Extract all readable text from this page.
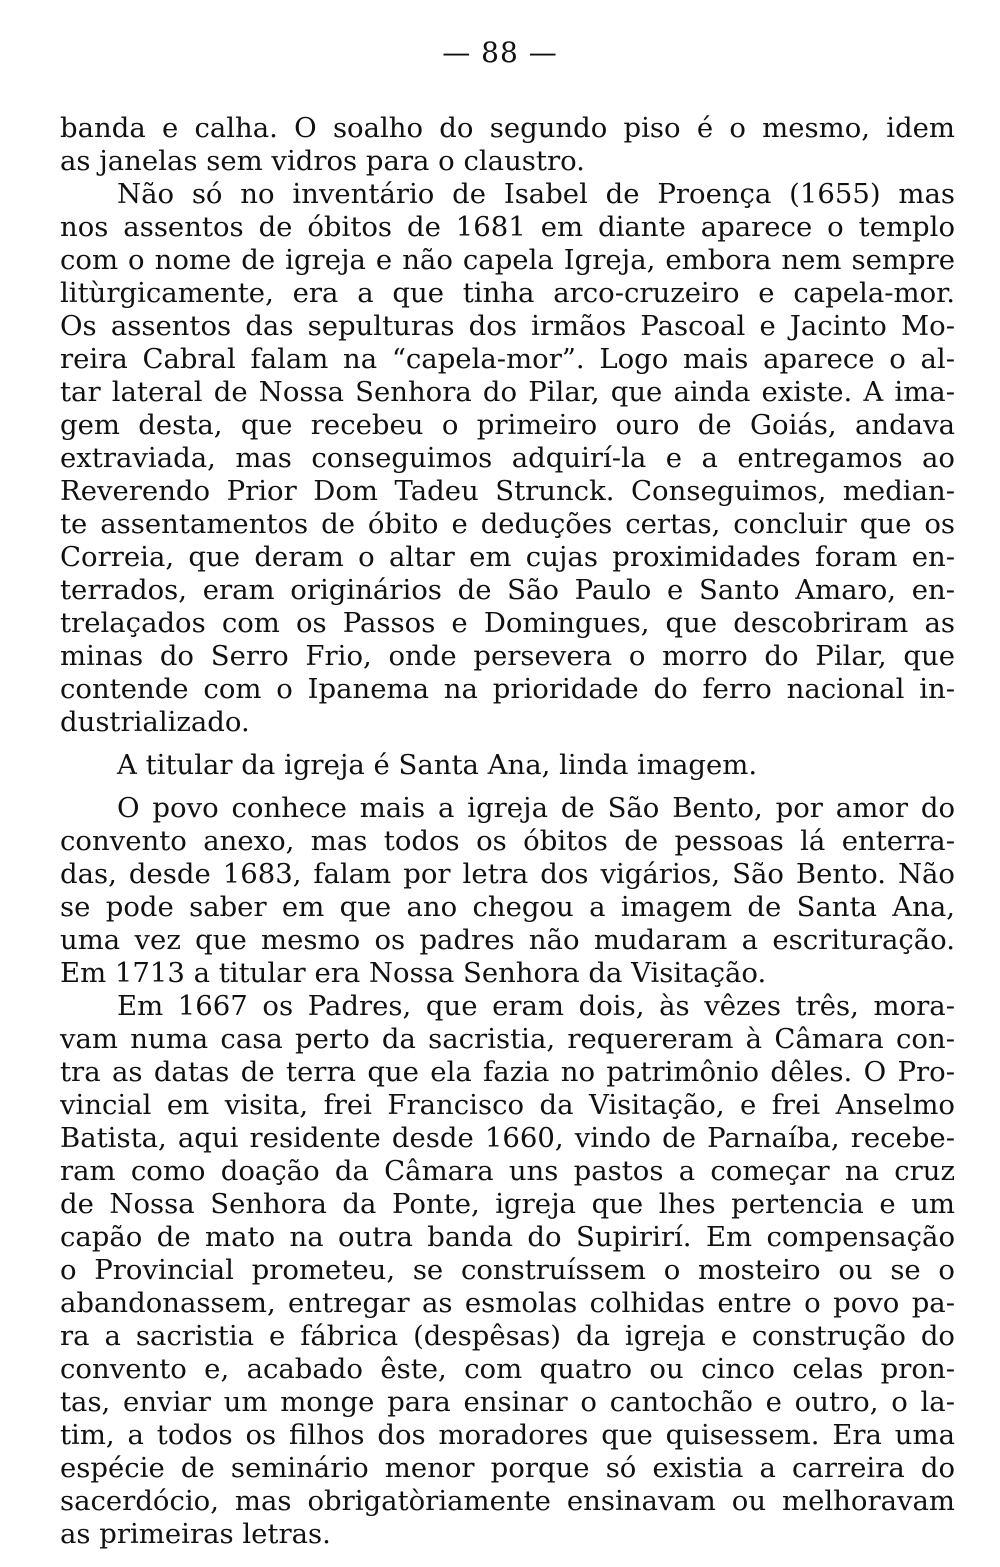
— 88 —
banda e calha. O soalho do segundo piso é o mesmo, idem
as janelas sem vidros para o claustro.
Não só no inventário de Isabel de Proença (1655) mas
nos assentos de óbitos de 1681 em diante aparece o templo
com o nome de igreja e não capela Igreja, embora nem sempre
litùrgicamente, era a que tinha arco-cruzeiro e capela-mor.
Os assentos das sepulturas dos irmãos Pascoal e Jacinto Mo-
reira Cabral falam na “capela-mor”. Logo mais aparece o al-
tar lateral de Nossa Senhora do Pilar, que ainda existe. A ima-
gem desta, que recebeu o primeiro ouro de Goiás, andava
extraviada, mas conseguimos adquirí-la e a entregamos ao
Reverendo Prior Dom Tadeu Strunck. Conseguimos, median-
te assentamentos de óbito e deduções certas, concluir que os
Correia, que deram o altar em cujas proximidades foram en-
terrados, eram originários de São Paulo e Santo Amaro, en-
trelaçados com os Passos e Domingues, que descobriram as
minas do Serro Frio, onde persevera o morro do Pilar, que
contende com o Ipanema na prioridade do ferro nacional in-
dustrializado.
A titular da igreja é Santa Ana, linda imagem.
O povo conhece mais a igreja de São Bento, por amor do
convento anexo, mas todos os óbitos de pessoas lá enterra-
das, desde 1683, falam por letra dos vigários, São Bento. Não
se pode saber em que ano chegou a imagem de Santa Ana,
uma vez que mesmo os padres não mudaram a escrituração.
Em 1713 a titular era Nossa Senhora da Visitação.
Em 1667 os Padres, que eram dois, às vêzes três, mora-
vam numa casa perto da sacristia, requereram à Câmara con-
tra as datas de terra que ela fazia no patrimônio dêles. O Pro-
vincial em visita, frei Francisco da Visitação, e frei Anselmo
Batista, aqui residente desde 1660, vindo de Parnaíba, recebe-
ram como doação da Câmara uns pastos a começar na cruz
de Nossa Senhora da Ponte, igreja que lhes pertencia e um
capão de mato na outra banda do Supirirí. Em compensação
o Provincial prometeu, se construíssem o mosteiro ou se o
abandonassem, entregar as esmolas colhidas entre o povo pa-
ra a sacristia e fábrica (despêsas) da igreja e construção do
convento e, acabado êste, com quatro ou cinco celas pron-
tas, enviar um monge para ensinar o cantochão e outro, o la-
tim, a todos os filhos dos moradores que quisessem. Era uma
espécie de seminário menor porque só existia a carreira do
sacerdócio, mas obrigatòriamente ensinavam ou melhoravam
as primeiras letras.
